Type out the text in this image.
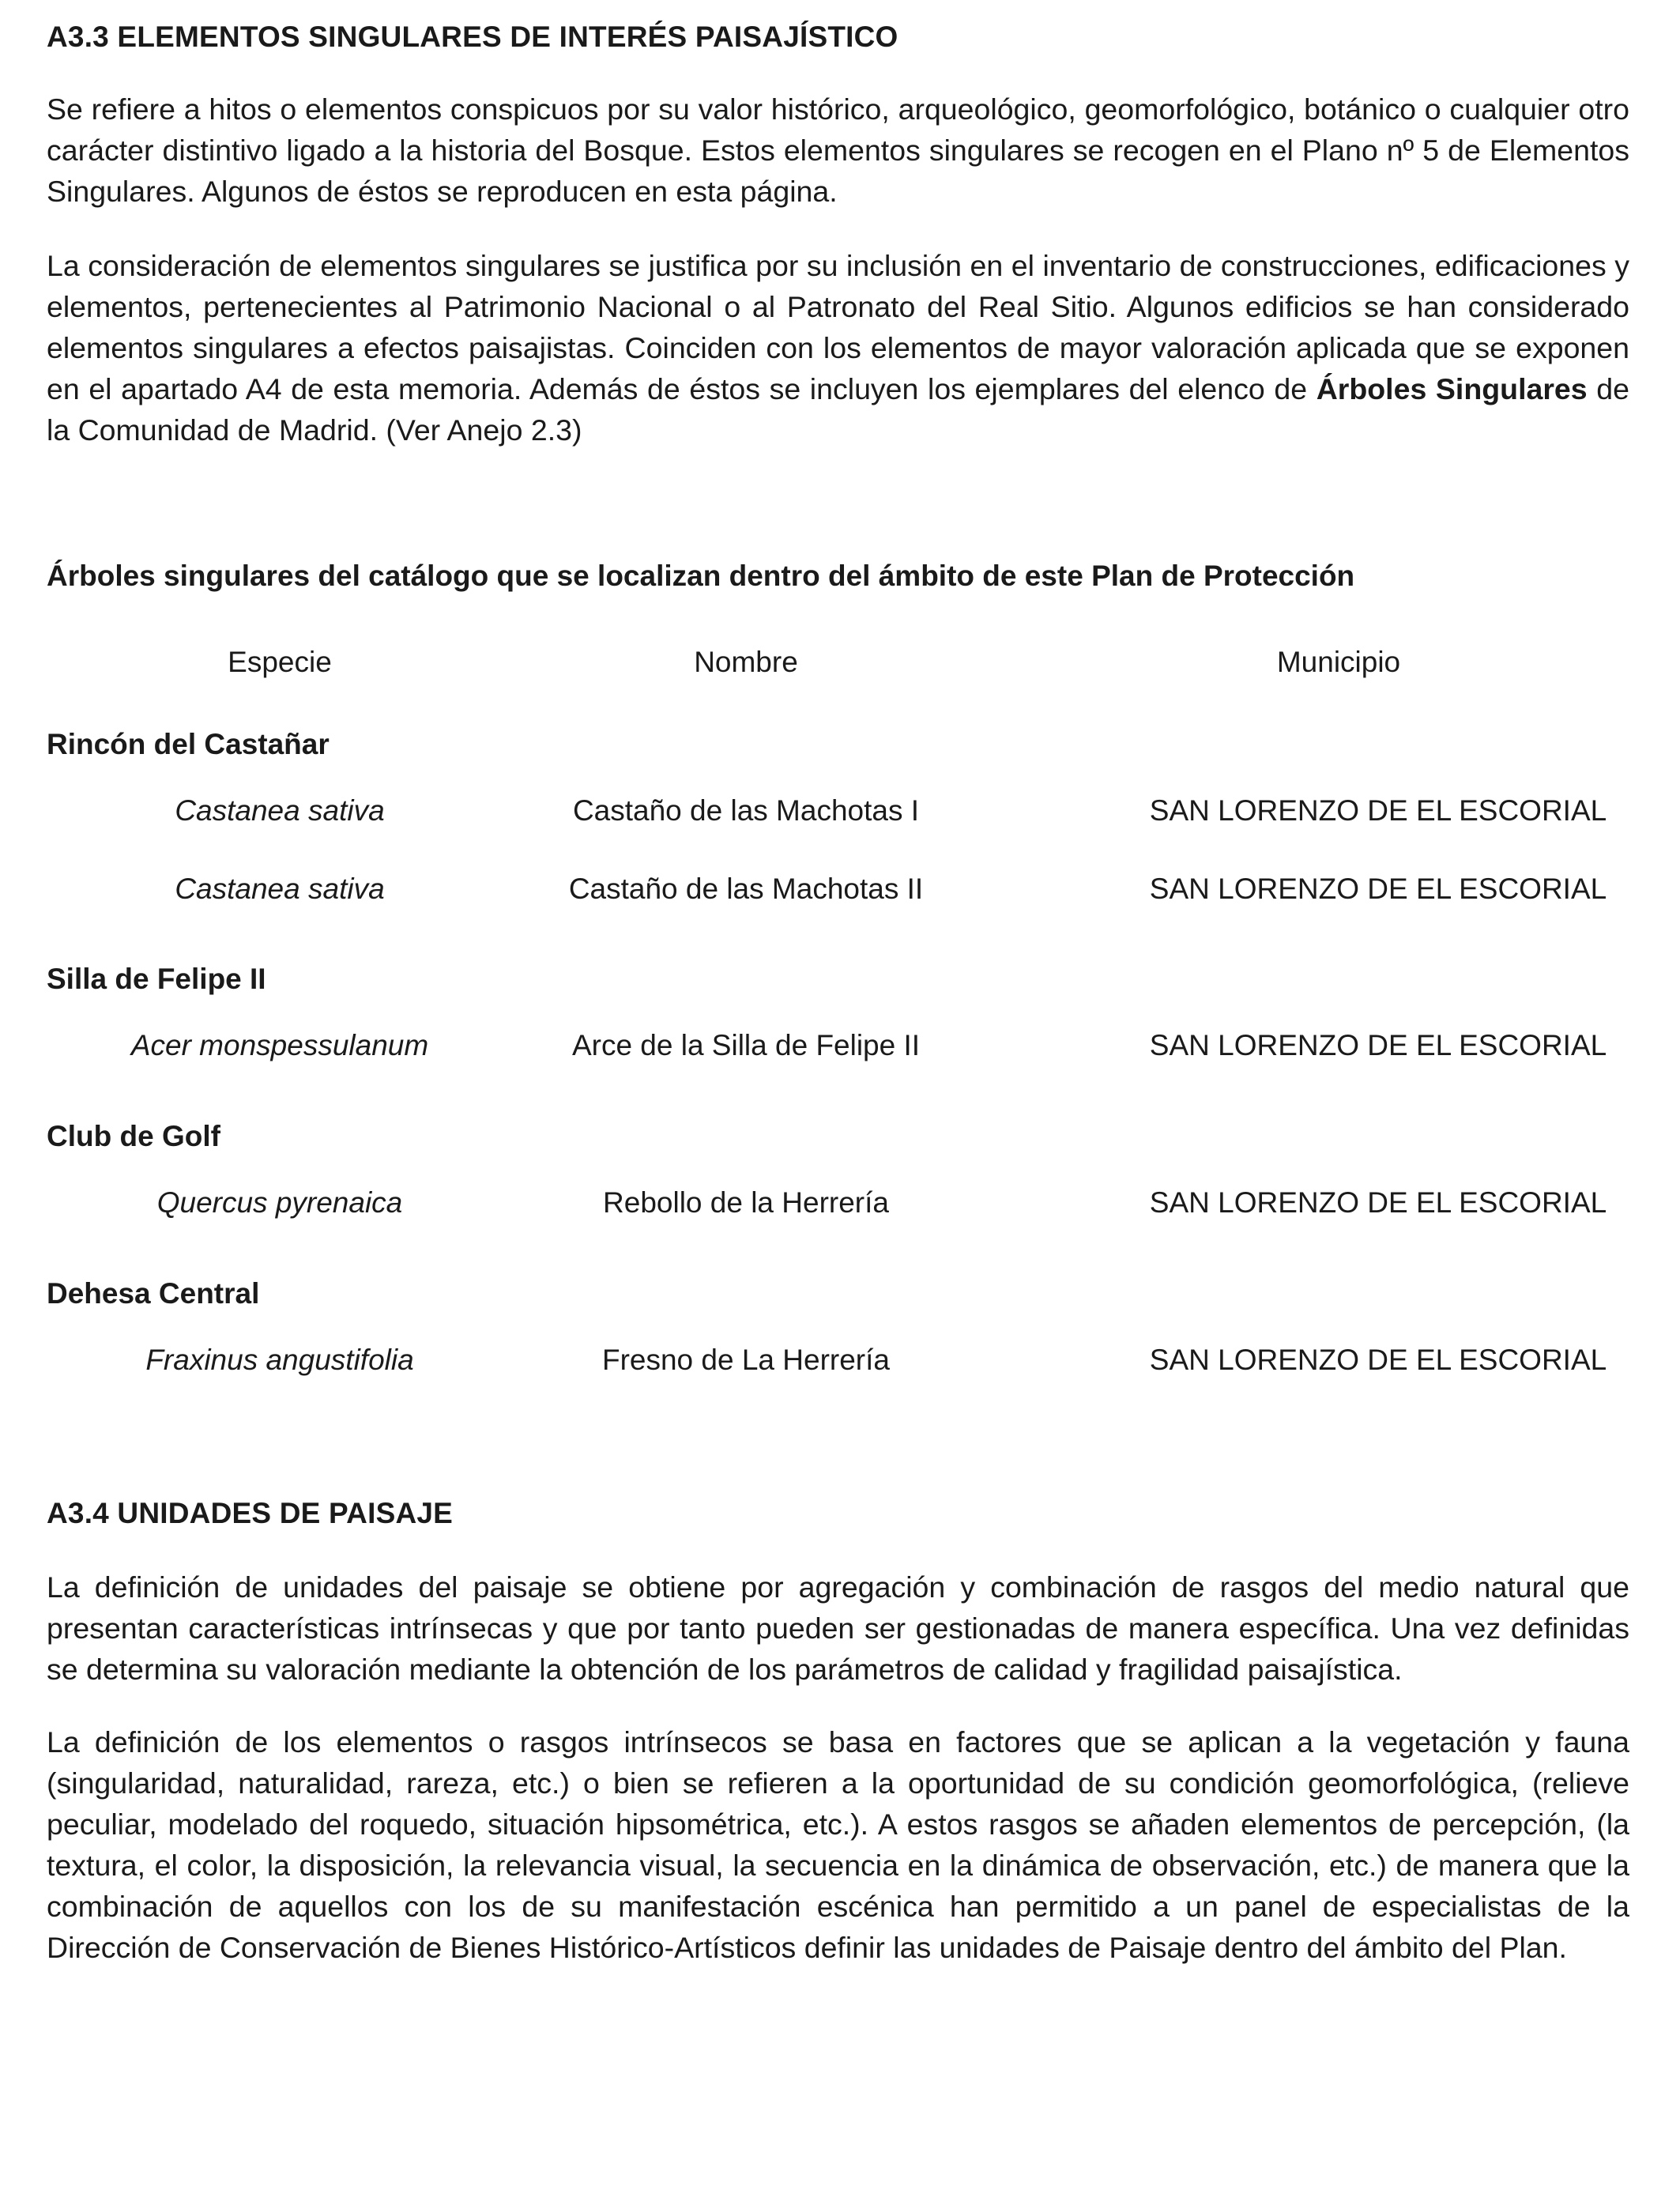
A3.3 ELEMENTOS SINGULARES DE INTERÉS PAISAJÍSTICO

Se refiere a hitos o elementos conspicuos por su valor histórico, arqueológico, geomorfológico, botánico o cualquier otro carácter distintivo ligado a la historia del Bosque. Estos elementos singulares se recogen en el Plano nº 5 de Elementos Singulares. Algunos de éstos se reproducen en esta página.

La consideración de elementos singulares se justifica por su inclusión en el inventario de construcciones, edificaciones y elementos, pertenecientes al Patrimonio Nacional o al Patronato del Real Sitio. Algunos edificios se han considerado elementos singulares a efectos paisajistas. Coinciden con los elementos de mayor valoración aplicada que se exponen en el apartado A4 de esta memoria. Además de éstos se incluyen los ejemplares del elenco de Árboles Singulares de la Comunidad de Madrid. (Ver Anejo 2.3)

Árboles singulares del catálogo que se localizan dentro del ámbito de este Plan de Protección
Especie	Nombre	Municipio
Rincón del Castañar
Castanea sativa	Castaño de las Machotas I	SAN LORENZO DE EL ESCORIAL
Castanea sativa	Castaño de las Machotas II	SAN LORENZO DE EL ESCORIAL
Silla de Felipe II
Acer monspessulanum	Arce de la Silla de Felipe II	SAN LORENZO DE EL ESCORIAL
Club de Golf
Quercus pyrenaica	Rebollo de la Herrería	SAN LORENZO DE EL ESCORIAL
Dehesa Central
Fraxinus angustifolia	Fresno de La Herrería	SAN LORENZO DE EL ESCORIAL
A3.4 UNIDADES DE PAISAJE

La definición de unidades del paisaje se obtiene por agregación y combinación de rasgos del medio natural que presentan características intrínsecas y que por tanto pueden ser gestionadas de manera específica. Una vez definidas se determina su valoración mediante la obtención de los parámetros de calidad y fragilidad paisajística.

La definición de los elementos o rasgos intrínsecos se basa en factores que se aplican a la vegetación y fauna (singularidad, naturalidad, rareza, etc.) o bien se refieren a la oportunidad de su condición geomorfológica, (relieve peculiar, modelado del roquedo, situación hipsométrica, etc.). A estos rasgos se añaden elementos de percepción, (la textura, el color, la disposición, la relevancia visual, la secuencia en la dinámica de observación, etc.) de manera que la combinación de aquellos con los de su manifestación escénica han permitido a un panel de especialistas de la Dirección de Conservación de Bienes Histórico-Artísticos definir las unidades de Paisaje dentro del ámbito del Plan.
